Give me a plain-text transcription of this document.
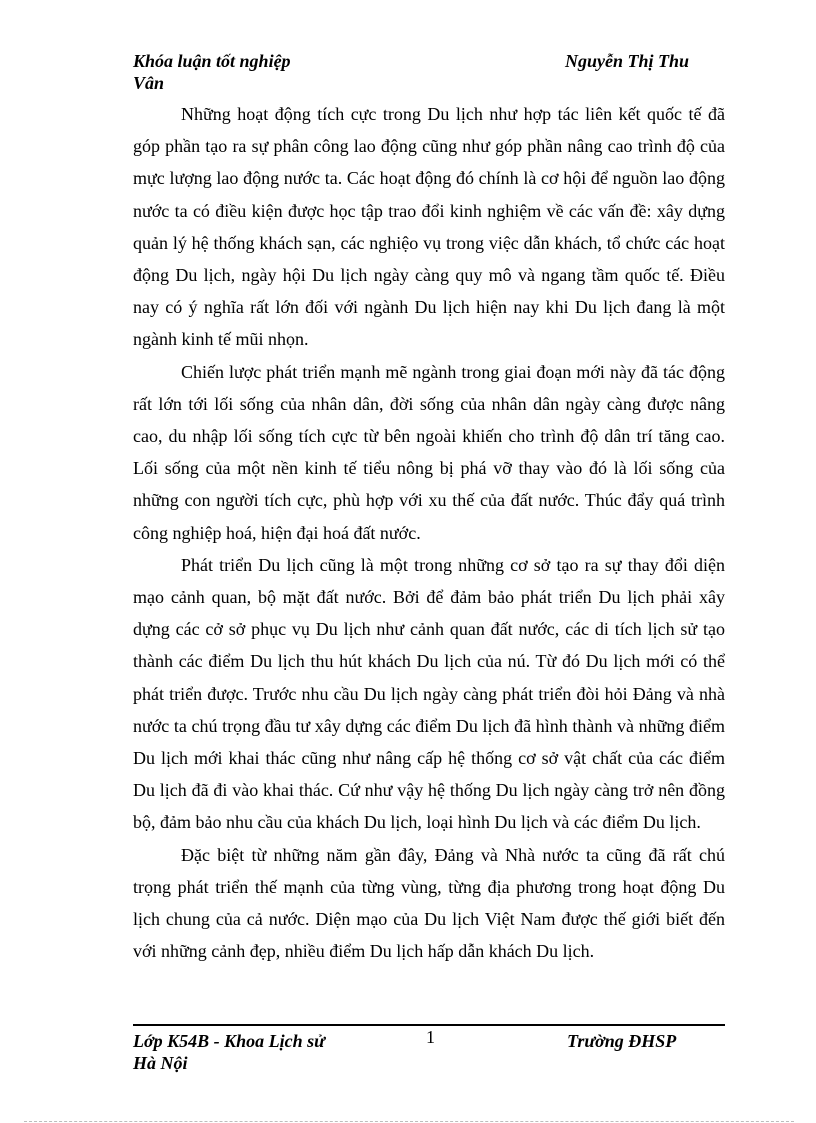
Khóa luận tốt nghiệp
Vân
Nguyễn Thị Thu

Những hoạt động tích cực trong Du lịch như hợp tác liên kết quốc tế đã góp phần tạo ra sự phân công lao động cũng như góp phần nâng cao trình độ của mực lượng lao động nước ta. Các hoạt động đó chính là cơ hội để nguồn lao động nước ta có điều kiện được học tập trao đổi kinh nghiệm về các vấn đề: xây dựng quản lý hệ thống khách sạn, các nghiệo vụ trong việc dẫn khách, tổ chức các hoạt động Du lịch, ngày hội Du lịch ngày càng quy mô và ngang tầm quốc tế. Điều nay có ý nghĩa rất lớn đối với ngành Du lịch hiện nay khi Du lịch đang là một ngành kinh tế mũi nhọn.

Chiến lược phát triển mạnh mẽ ngành trong giai đoạn mới này đã tác động rất lớn tới lối sống của nhân dân, đời sống của nhân dân ngày càng được nâng cao, du nhập lối sống tích cực từ bên ngoài khiến cho trình độ dân trí tăng cao. Lối sống của một nền kinh tế tiểu nông bị phá vỡ thay vào đó là lối sống của những con người tích cực, phù hợp với xu thế của đất nước. Thúc đẩy quá trình công nghiệp hoá, hiện đại hoá đất nước.

Phát triển Du lịch cũng là một trong những cơ sở tạo ra sự thay đổi diện mạo cảnh quan, bộ mặt đất nước. Bởi để đảm bảo phát triển Du lịch phải xây dựng các cở sở phục vụ Du lịch như cảnh quan đất nước, các di tích lịch sử tạo thành các điểm Du lịch thu hút khách Du lịch của nú. Từ đó Du lịch mới có thể phát triển được. Trước nhu cầu Du lịch ngày càng phát triển đòi hỏi Đảng và nhà nước ta chú trọng đầu tư xây dựng các điểm Du lịch đã hình thành và những điểm Du lịch mới khai thác cũng như nâng cấp hệ thống cơ sở vật chất của các điểm Du lịch đã đi vào khai thác. Cứ như vậy hệ thống Du lịch ngày càng trở nên đồng bộ, đảm bảo nhu cầu của khách Du lịch, loại hình Du lịch và các điểm Du lịch.

Đặc biệt từ những năm gần đây, Đảng và Nhà nước ta cũng đã rất chú trọng phát triển thế mạnh của từng vùng, từng địa phương trong hoạt động Du lịch chung của cả nước. Diện mạo của Du lịch Việt Nam được thế giới biết đến với những cảnh đẹp, nhiều điểm Du lịch hấp dẫn khách Du lịch.

Lớp K54B - Khoa Lịch sử
Hà Nội
1	Trường ĐHSP
